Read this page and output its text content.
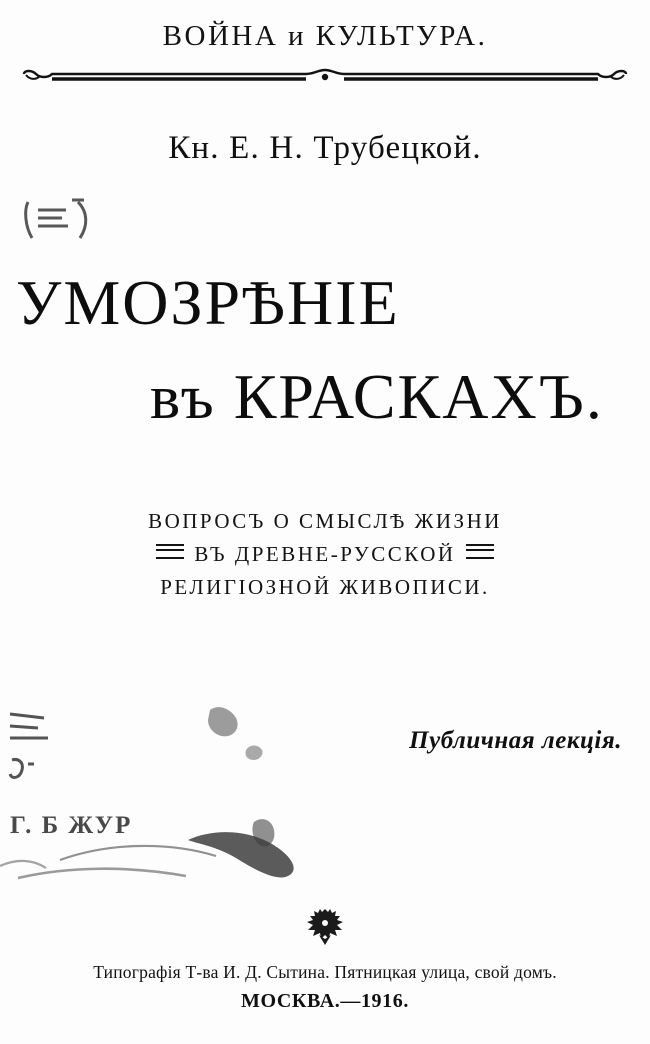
ВОЙНА и КУЛЬТУРА.
Кн. Е. Н. Трубецкой.
УМОЗРѢНIЕ
въ КРАСКАХЪ.
ВОПРОСЪ О СМЫСЛѢ ЖИЗНИ
ВЪ ДРЕВНЕ-РУССКОЙ
РЕЛИГIОЗНОЙ ЖИВОПИСИ.
Г. Б ЖУР
Публичная лекція.
Типографія Т-ва И. Д. Сытина. Пятницкая улица, свой домъ.
МОСКВА.—1916.
